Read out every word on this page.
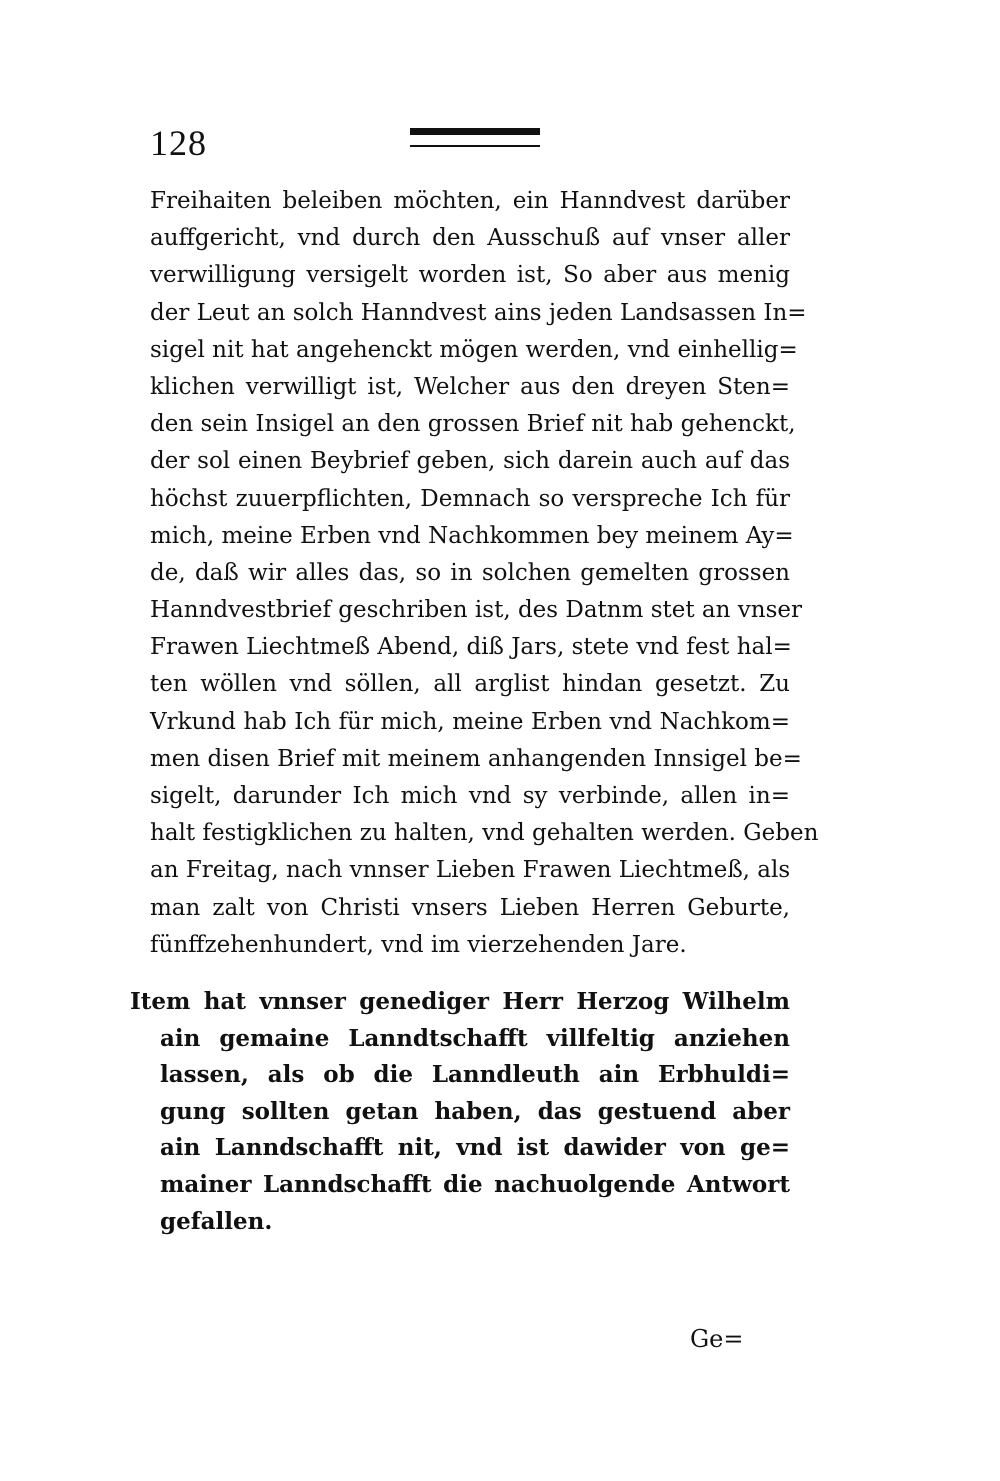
128
Freihaiten beleiben möchten, ein Hanndvest darüber
auffgericht, vnd durch den Ausschuß auf vnser aller
verwilligung versigelt worden ist, So aber aus menig
der Leut an solch Hanndvest ains jeden Landsassen In=
sigel nit hat angehenckt mögen werden, vnd einhellig=
klichen verwilligt ist, Welcher aus den dreyen Sten=
den sein Insigel an den grossen Brief nit hab gehenckt,
der sol einen Beybrief geben, sich darein auch auf das
höchst zuuerpflichten, Demnach so verspreche Ich für
mich, meine Erben vnd Nachkommen bey meinem Ay=
de, daß wir alles das, so in solchen gemelten grossen
Hanndvestbrief geschriben ist, des Datnm stet an vnser
Frawen Liechtmeß Abend, diß Jars, stete vnd fest hal=
ten wöllen vnd söllen, all arglist hindan gesetzt. Zu
Vrkund hab Ich für mich, meine Erben vnd Nachkom=
men disen Brief mit meinem anhangenden Innsigel be=
sigelt, darunder Ich mich vnd sy verbinde, allen in=
halt festigklichen zu halten, vnd gehalten werden. Geben
an Freitag, nach vnnser Lieben Frawen Liechtmeß, als
man zalt von Christi vnsers Lieben Herren Geburte,
fünffzehenhundert, vnd im vierzehenden Jare.
Item hat vnnser genediger Herr Herzog Wilhelm
ain gemaine Lanndtschafft villfeltig anziehen
lassen, als ob die Lanndleuth ain Erbhuldi=
gung sollten getan haben, das gestuend aber
ain Lanndschafft nit, vnd ist dawider von ge=
mainer Lanndschafft die nachuolgende Antwort
gefallen.
Ge=
